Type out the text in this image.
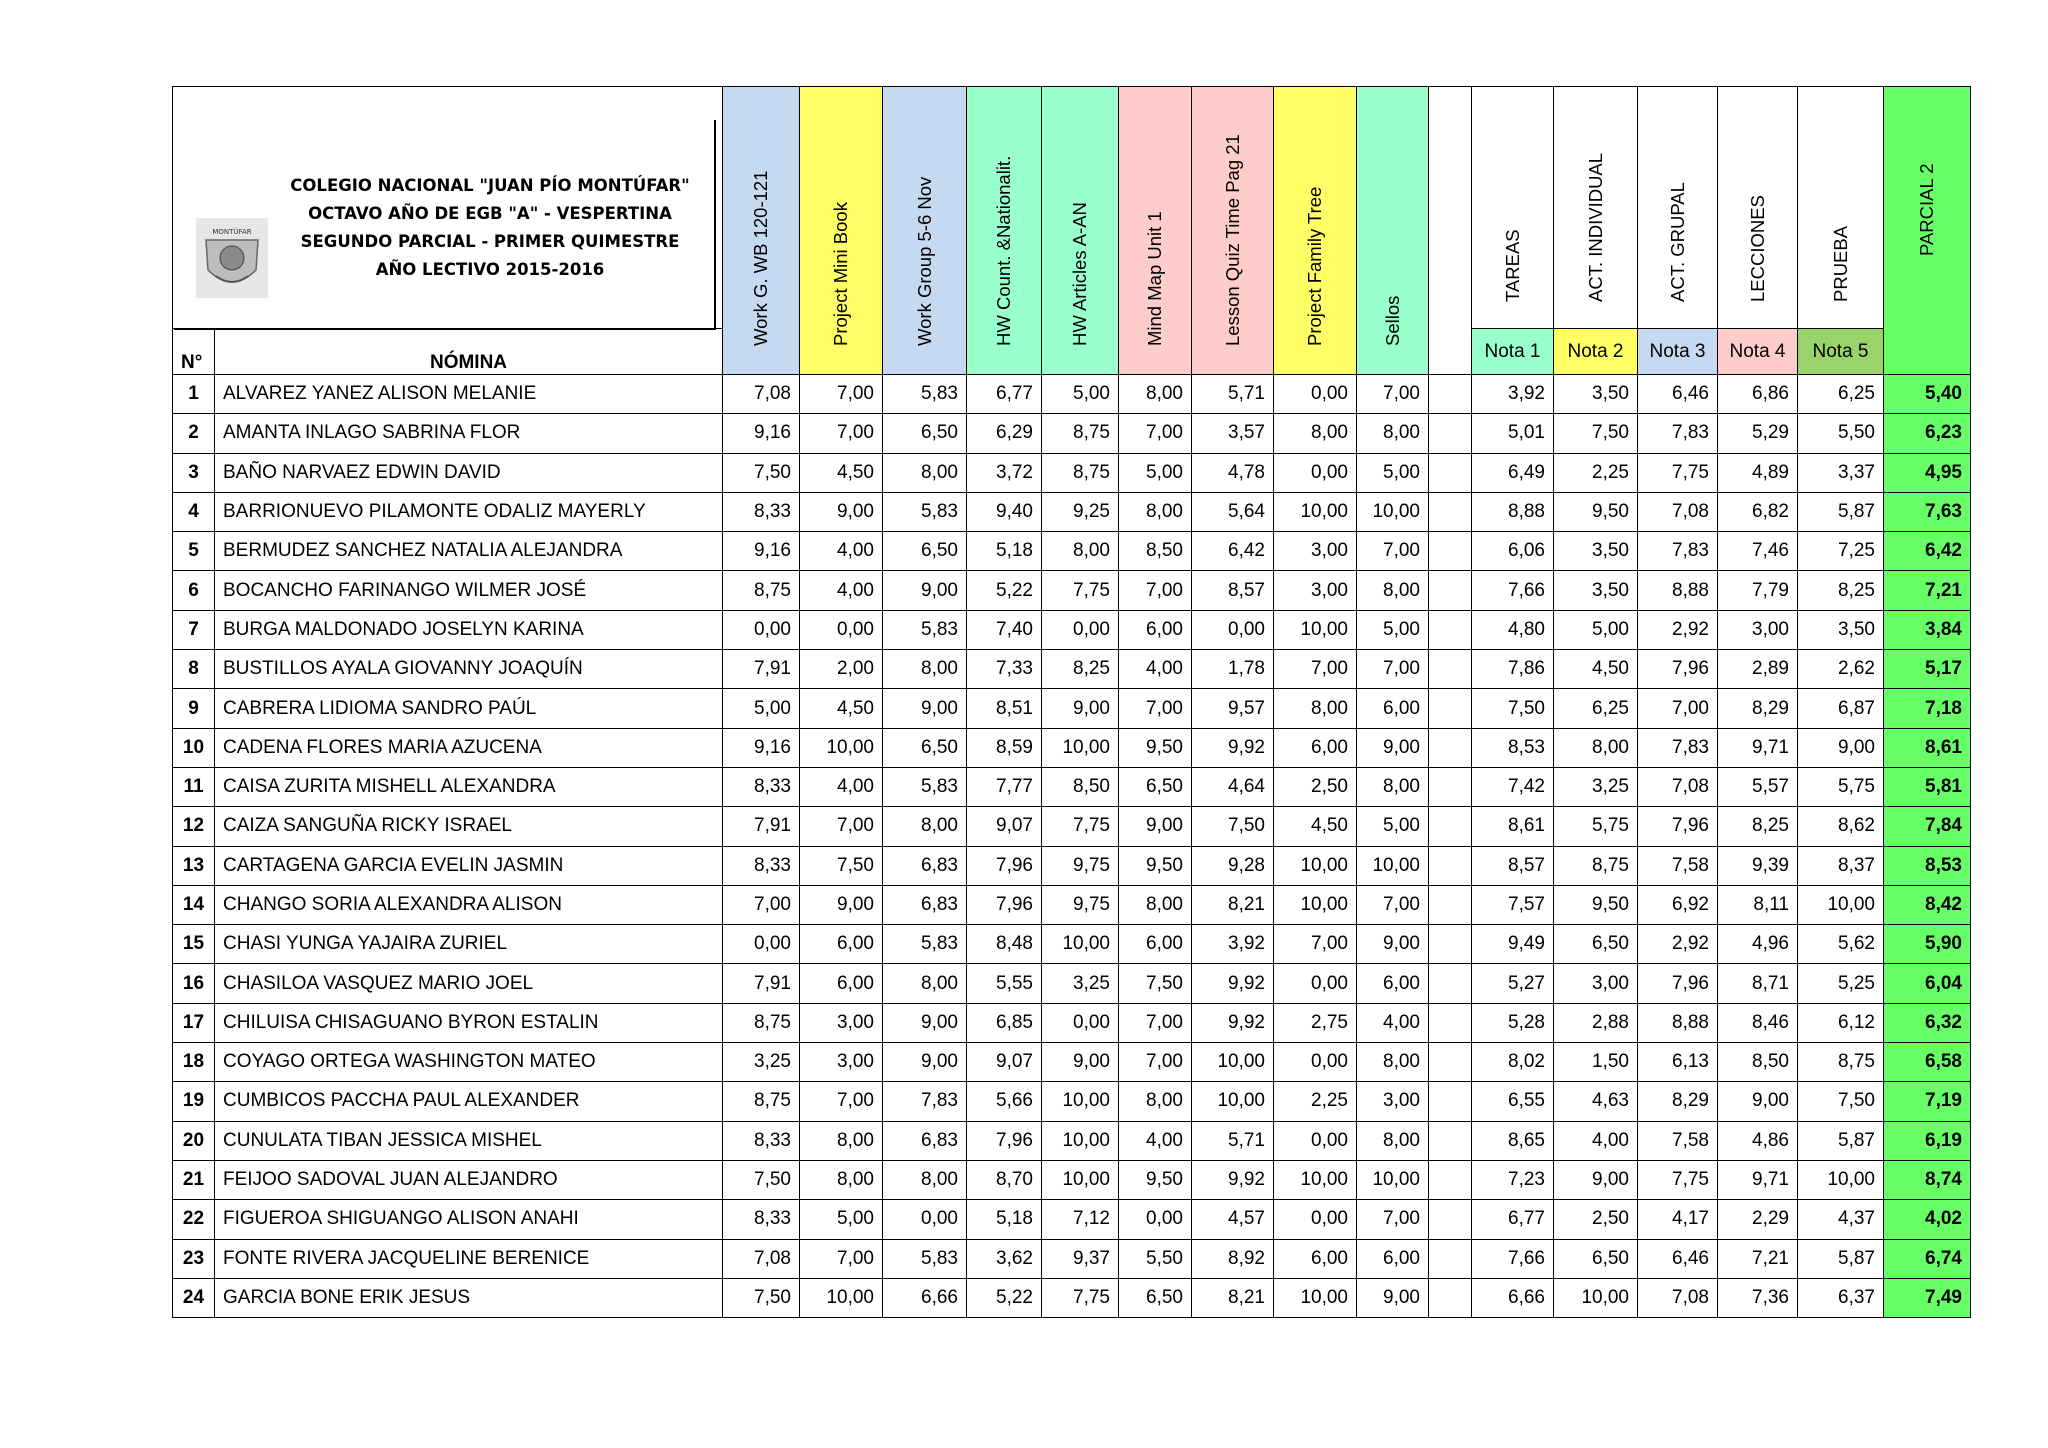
MONTÚFAR
COLEGIO NACIONAL "JUAN PÍO MONTÚFAR"
OCTAVO AÑO DE EGB "A" - VESPERTINA
SEGUNDO PARCIAL - PRIMER QUIMESTRE
AÑO LECTIVO 2015-2016

		Work G. WB 120-121	Project Mini Book	Work Group 5-6 Nov	HW Count. &Nationalit.	HW Articles A-AN	Mind Map Unit 1	Lesson Quiz Time Pag 21	Project Family Tree	Sellos		TAREAS	ACT. INDIVIDUAL	ACT. GRUPAL	LECCIONES	PRUEBA	PARCIAL 2

N°	NÓMINA											Nota 1	Nota 2	Nota 3	Nota 4	Nota 5	
1	ALVAREZ YANEZ ALISON MELANIE	7,08	7,00	5,83	6,77	5,00	8,00	5,71	0,00	7,00		3,92	3,50	6,46	6,86	6,25	5,40
2	AMANTA INLAGO SABRINA FLOR	9,16	7,00	6,50	6,29	8,75	7,00	3,57	8,00	8,00		5,01	7,50	7,83	5,29	5,50	6,23
3	BAÑO NARVAEZ EDWIN DAVID	7,50	4,50	8,00	3,72	8,75	5,00	4,78	0,00	5,00		6,49	2,25	7,75	4,89	3,37	4,95
4	BARRIONUEVO PILAMONTE ODALIZ MAYERLY	8,33	9,00	5,83	9,40	9,25	8,00	5,64	10,00	10,00		8,88	9,50	7,08	6,82	5,87	7,63
5	BERMUDEZ SANCHEZ NATALIA ALEJANDRA	9,16	4,00	6,50	5,18	8,00	8,50	6,42	3,00	7,00		6,06	3,50	7,83	7,46	7,25	6,42
6	BOCANCHO FARINANGO WILMER JOSÉ	8,75	4,00	9,00	5,22	7,75	7,00	8,57	3,00	8,00		7,66	3,50	8,88	7,79	8,25	7,21
7	BURGA MALDONADO JOSELYN KARINA	0,00	0,00	5,83	7,40	0,00	6,00	0,00	10,00	5,00		4,80	5,00	2,92	3,00	3,50	3,84
8	BUSTILLOS AYALA GIOVANNY JOAQUÍN	7,91	2,00	8,00	7,33	8,25	4,00	1,78	7,00	7,00		7,86	4,50	7,96	2,89	2,62	5,17
9	CABRERA LIDIOMA SANDRO PAÚL	5,00	4,50	9,00	8,51	9,00	7,00	9,57	8,00	6,00		7,50	6,25	7,00	8,29	6,87	7,18
10	CADENA FLORES MARIA AZUCENA	9,16	10,00	6,50	8,59	10,00	9,50	9,92	6,00	9,00		8,53	8,00	7,83	9,71	9,00	8,61
11	CAISA ZURITA MISHELL ALEXANDRA	8,33	4,00	5,83	7,77	8,50	6,50	4,64	2,50	8,00		7,42	3,25	7,08	5,57	5,75	5,81
12	CAIZA SANGUÑA RICKY ISRAEL	7,91	7,00	8,00	9,07	7,75	9,00	7,50	4,50	5,00		8,61	5,75	7,96	8,25	8,62	7,84
13	CARTAGENA GARCIA EVELIN JASMIN	8,33	7,50	6,83	7,96	9,75	9,50	9,28	10,00	10,00		8,57	8,75	7,58	9,39	8,37	8,53
14	CHANGO SORIA ALEXANDRA ALISON	7,00	9,00	6,83	7,96	9,75	8,00	8,21	10,00	7,00		7,57	9,50	6,92	8,11	10,00	8,42
15	CHASI YUNGA YAJAIRA ZURIEL	0,00	6,00	5,83	8,48	10,00	6,00	3,92	7,00	9,00		9,49	6,50	2,92	4,96	5,62	5,90
16	CHASILOA VASQUEZ MARIO JOEL	7,91	6,00	8,00	5,55	3,25	7,50	9,92	0,00	6,00		5,27	3,00	7,96	8,71	5,25	6,04
17	CHILUISA CHISAGUANO BYRON ESTALIN	8,75	3,00	9,00	6,85	0,00	7,00	9,92	2,75	4,00		5,28	2,88	8,88	8,46	6,12	6,32
18	COYAGO ORTEGA WASHINGTON MATEO	3,25	3,00	9,00	9,07	9,00	7,00	10,00	0,00	8,00		8,02	1,50	6,13	8,50	8,75	6,58
19	CUMBICOS PACCHA PAUL ALEXANDER	8,75	7,00	7,83	5,66	10,00	8,00	10,00	2,25	3,00		6,55	4,63	8,29	9,00	7,50	7,19
20	CUNULATA TIBAN JESSICA MISHEL	8,33	8,00	6,83	7,96	10,00	4,00	5,71	0,00	8,00		8,65	4,00	7,58	4,86	5,87	6,19
21	FEIJOO SADOVAL JUAN ALEJANDRO	7,50	8,00	8,00	8,70	10,00	9,50	9,92	10,00	10,00		7,23	9,00	7,75	9,71	10,00	8,74
22	FIGUEROA SHIGUANGO ALISON ANAHI	8,33	5,00	0,00	5,18	7,12	0,00	4,57	0,00	7,00		6,77	2,50	4,17	2,29	4,37	4,02
23	FONTE RIVERA JACQUELINE BERENICE	7,08	7,00	5,83	3,62	9,37	5,50	8,92	6,00	6,00		7,66	6,50	6,46	7,21	5,87	6,74
24	GARCIA BONE ERIK JESUS	7,50	10,00	6,66	5,22	7,75	6,50	8,21	10,00	9,00		6,66	10,00	7,08	7,36	6,37	7,49
